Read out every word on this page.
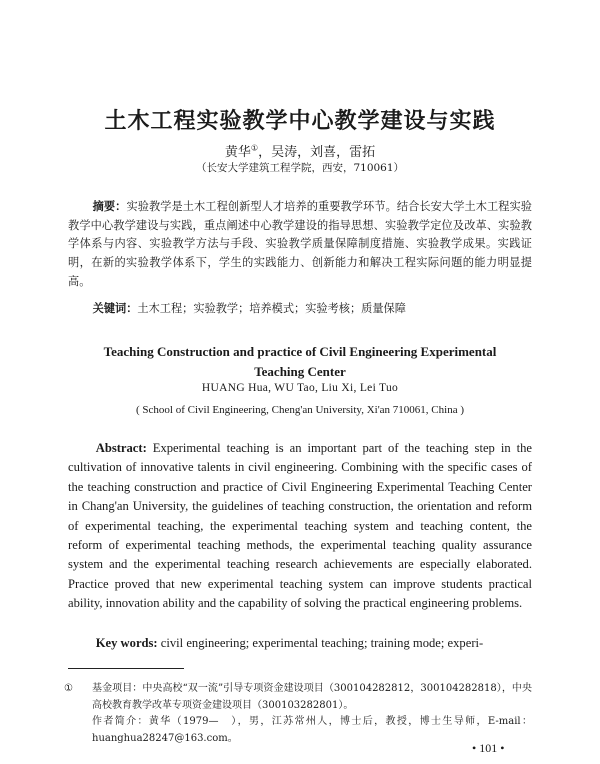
土木工程实验教学中心教学建设与实践
黄华①，吴涛，刘喜，雷拓
（长安大学建筑工程学院，西安，710061）

摘要：实验教学是土木工程创新型人才培养的重要教学环节。结合长安大学土木工程实验教学中心教学建设与实践，重点阐述中心教学建设的指导思想、实验教学定位及改革、实验教学体系与内容、实验教学方法与手段、实验教学质量保障制度措施、实验教学成果。实践证明，在新的实验教学体系下，学生的实践能力、创新能力和解决工程实际问题的能力明显提高。

关键词：土木工程；实验教学；培养模式；实验考核；质量保障

Teaching Construction and practice of Civil Engineering Experimental
Teaching Center
HUANG Hua, WU Tao, Liu Xi, Lei Tuo
( School of Civil Engineering, Cheng'an University, Xi'an 710061, China )

Abstract: Experimental teaching is an important part of the teaching step in the cultivation of innovative talents in civil engineering. Combining with the specific cases of the teaching construction and practice of Civil Engineering Experimental Teaching Center in Chang'an University, the guidelines of teaching construction, the orientation and reform of experimental teaching, the experimental teaching system and teaching content, the reform of experimental teaching methods, the experimental teaching quality assurance system and the experimental teaching research achievements are especially elaborated. Practice proved that new experimental teaching system can improve students practical ability, innovation ability and the capability of solving the practical engineering problems.

Key words: civil engineering; experimental teaching; training mode; experi-

① 基金项目：中央高校“双一流”引导专项资金建设项目（300104282812，300104282818），中央高校教育教学改革专项资金建设项目（300103282801）。
作者简介：黄华（1979—　），男，江苏常州人，博士后，教授，博士生导师，E-mail：huanghua28247@163.com。
• 101 •
